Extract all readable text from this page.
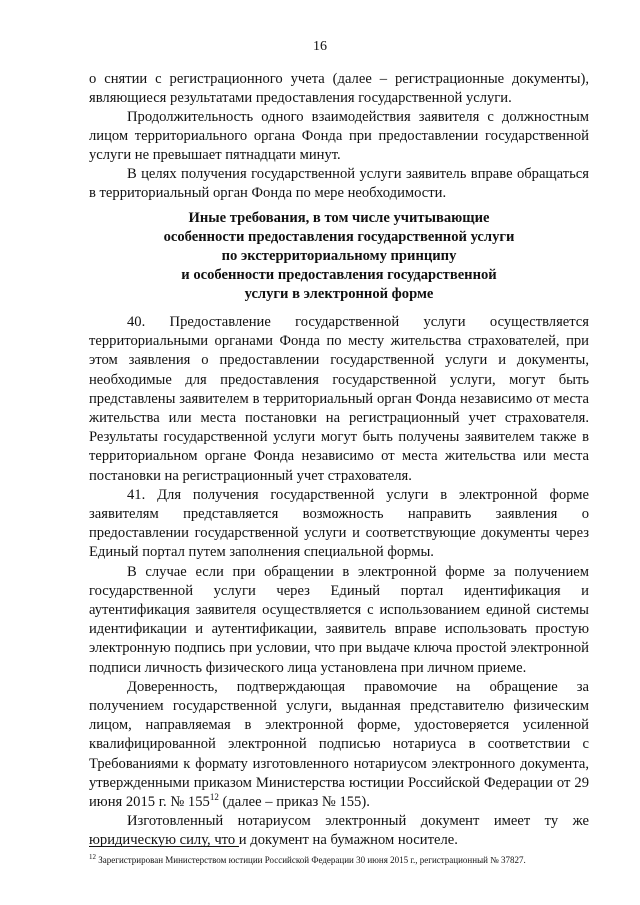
16

о снятии с регистрационного учета (далее – регистрационные документы), являющиеся результатами предоставления государственной услуги.

Продолжительность одного взаимодействия заявителя с должностным лицом территориального органа Фонда при предоставлении государственной услуги не превышает пятнадцати минут.

В целях получения государственной услуги заявитель вправе обращаться в территориальный орган Фонда по мере необходимости.

Иные требования, в том числе учитывающие
особенности предоставления государственной услуги
по экстерриториальному принципу
и особенности предоставления государственной
услуги в электронной форме

40. Предоставление государственной услуги осуществляется территориальными органами Фонда по месту жительства страхователей, при этом заявления о предоставлении государственной услуги и документы, необходимые для предоставления государственной услуги, могут быть представлены заявителем в территориальный орган Фонда независимо от места жительства или места постановки на регистрационный учет страхователя. Результаты государственной услуги могут быть получены заявителем также в территориальном органе Фонда независимо от места жительства или места постановки на регистрационный учет страхователя.

41. Для получения государственной услуги в электронной форме заявителям представляется возможность направить заявления о предоставлении государственной услуги и соответствующие документы через Единый портал путем заполнения специальной формы.

В случае если при обращении в электронной форме за получением государственной услуги через Единый портал идентификация и аутентификация заявителя осуществляется с использованием единой системы идентификации и аутентификации, заявитель вправе использовать простую электронную подпись при условии, что при выдаче ключа простой электронной подписи личность физического лица установлена при личном приеме.

Доверенность, подтверждающая правомочие на обращение за получением государственной услуги, выданная представителю физическим лицом, направляемая в электронной форме, удостоверяется усиленной квалифицированной электронной подписью нотариуса в соответствии с Требованиями к формату изготовленного нотариусом электронного документа, утвержденными приказом Министерства юстиции Российской Федерации от 29 июня 2015 г. № $155^{12}$ (далее – приказ № 155).

Изготовленный нотариусом электронный документ имеет ту же юридическую силу, что и документ на бумажном носителе.

$^{12}$ Зарегистрирован Министерством юстиции Российской Федерации 30 июня 2015 г., регистрационный № 37827.
